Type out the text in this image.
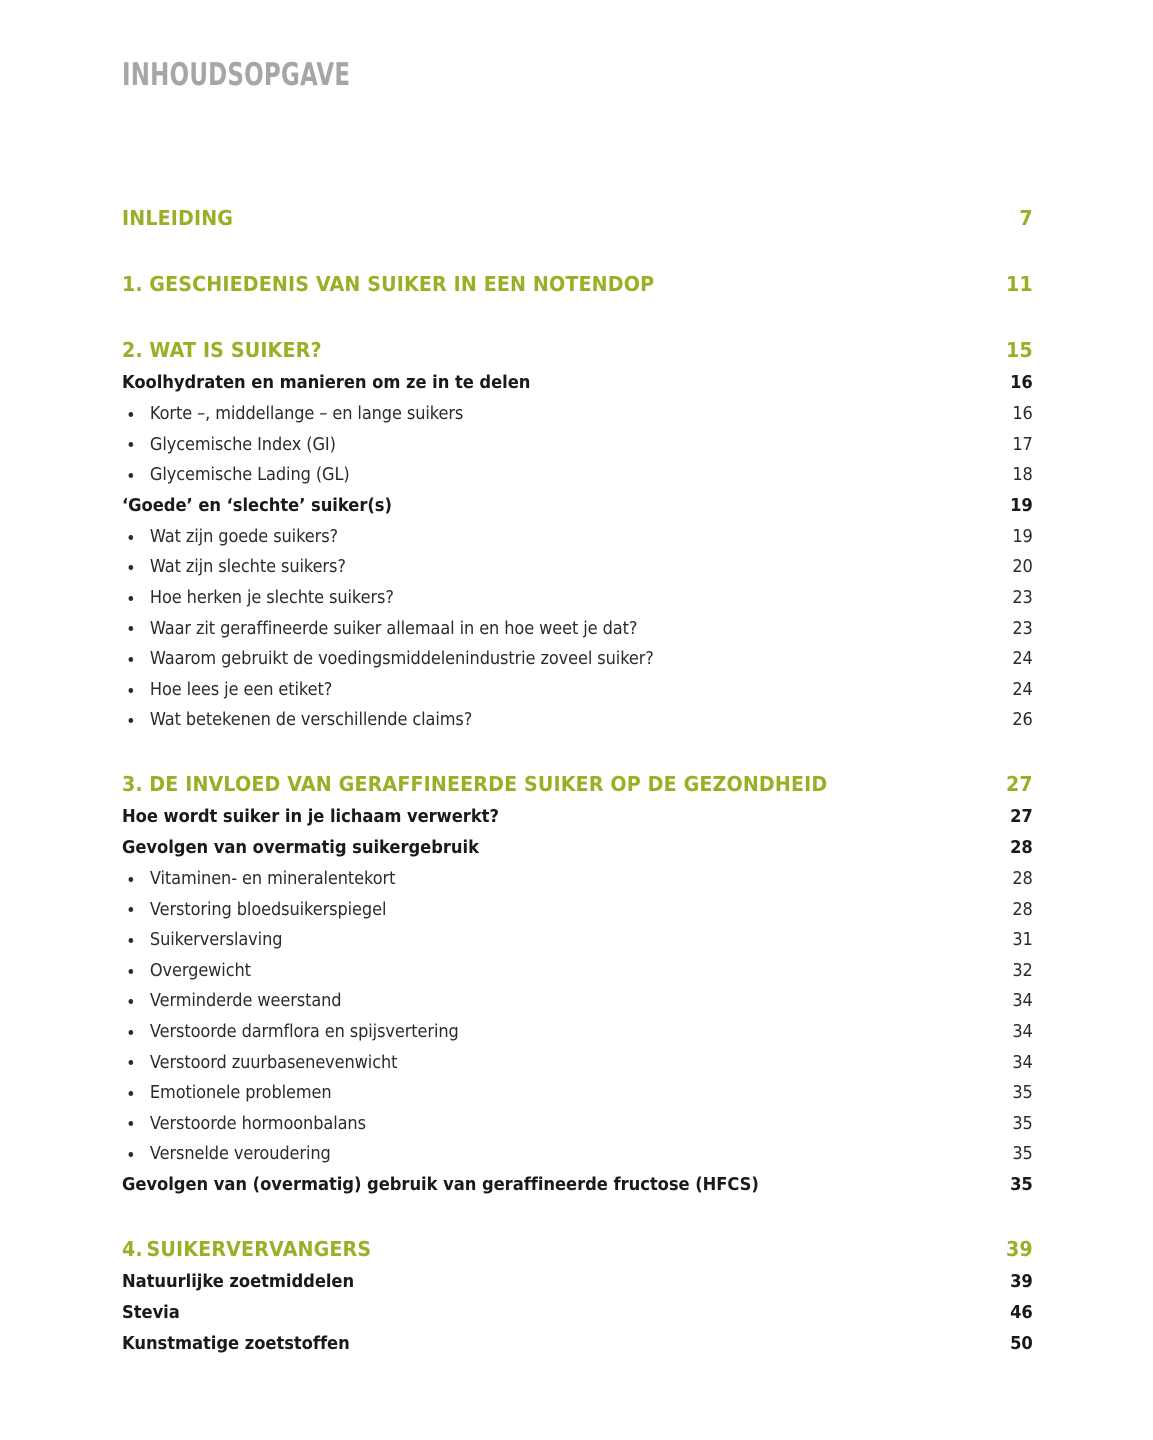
INHOUDSOPGAVE
INLEIDING	7
1. GESCHIEDENIS VAN SUIKER IN EEN NOTENDOP	11
2. WAT IS SUIKER?	15
Koolhydraten en manieren om ze in te delen	16
Korte –, middellange – en lange suikers	16
Glycemische Index (GI)	17
Glycemische Lading (GL)	18
‘Goede’ en ‘slechte’ suiker(s)	19
Wat zijn goede suikers?	19
Wat zijn slechte suikers?	20
Hoe herken je slechte suikers?	23
Waar zit geraffineerde suiker allemaal in en hoe weet je dat?	23
Waarom gebruikt de voedingsmiddelenindustrie zoveel suiker?	24
Hoe lees je een etiket?	24
Wat betekenen de verschillende claims?	26
3. DE INVLOED VAN GERAFFINEERDE SUIKER OP DE GEZONDHEID	27
Hoe wordt suiker in je lichaam verwerkt?	27
Gevolgen van overmatig suikergebruik	28
Vitaminen- en mineralentekort	28
Verstoring bloedsuikerspiegel	28
Suikerverslaving	31
Overgewicht	32
Verminderde weerstand	34
Verstoorde darmflora en spijsvertering	34
Verstoord zuurbasenevenwicht	34
Emotionele problemen	35
Verstoorde hormoonbalans	35
Versnelde veroudering	35
Gevolgen van (overmatig) gebruik van geraffineerde fructose (HFCS)	35
4. SUIKERVERVANGERS	39
Natuurlijke zoetmiddelen	39
Stevia	46
Kunstmatige zoetstoffen	50
